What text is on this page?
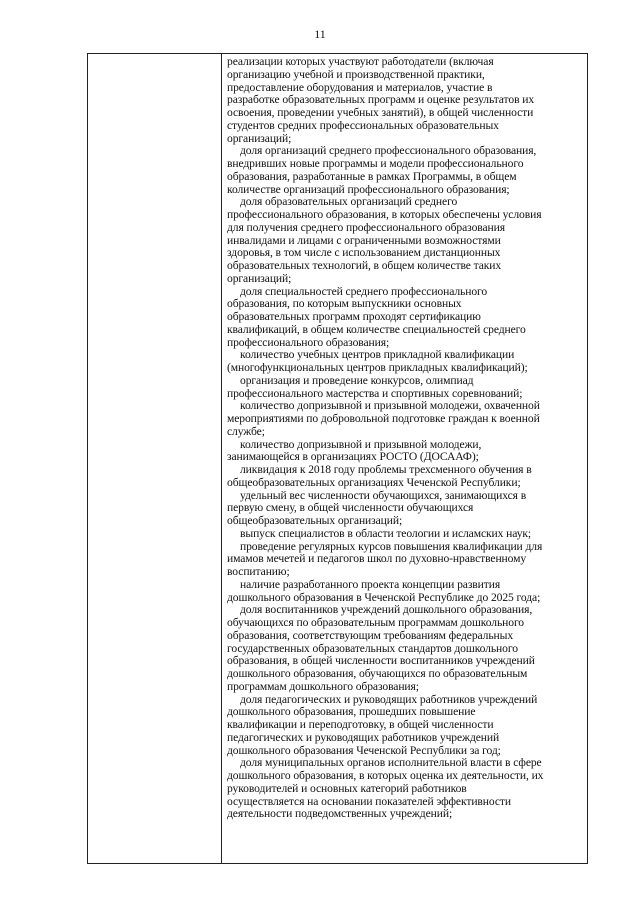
11
реализации которых участвуют работодатели (включая
организацию учебной и производственной практики,
предоставление оборудования и материалов, участие в
разработке образовательных программ и оценке результатов их
освоения, проведении учебных занятий), в общей численности
студентов средних профессиональных образовательных
организаций;
доля организаций среднего профессионального образования,
внедривших новые программы и модели профессионального
образования, разработанные в рамках Программы, в общем
количестве организаций профессионального образования;
доля образовательных организаций среднего
профессионального образования, в которых обеспечены условия
для получения среднего профессионального образования
инвалидами и лицами с ограниченными возможностями
здоровья, в том числе с использованием дистанционных
образовательных технологий, в общем количестве таких
организаций;
доля специальностей среднего профессионального
образования, по которым выпускники основных
образовательных программ проходят сертификацию
квалификаций, в общем количестве специальностей среднего
профессионального образования;
количество учебных центров прикладной квалификации
(многофункциональных центров прикладных квалификаций);
организация и проведение конкурсов, олимпиад
профессионального мастерства и спортивных соревнований;
количество допризывной и призывной молодежи, охваченной
мероприятиями по добровольной подготовке граждан к военной
службе;
количество допризывной и призывной молодежи,
занимающейся в организациях РОСТО (ДОСААФ);
ликвидация к 2018 году проблемы трехсменного обучения в
общеобразовательных организациях Чеченской Республики;
удельный вес численности обучающихся, занимающихся в
первую смену, в общей численности обучающихся
общеобразовательных организаций;
выпуск специалистов в области теологии и исламских наук;
проведение регулярных курсов повышения квалификации для
имамов мечетей и педагогов школ по духовно-нравственному
воспитанию;
наличие разработанного проекта концепции развития
дошкольного образования в Чеченской Республике до 2025 года;
доля воспитанников учреждений дошкольного образования,
обучающихся по образовательным программам дошкольного
образования, соответствующим требованиям федеральных
государственных образовательных стандартов дошкольного
образования, в общей численности воспитанников учреждений
дошкольного образования, обучающихся по образовательным
программам дошкольного образования;
доля педагогических и руководящих работников учреждений
дошкольного образования, прошедших повышение
квалификации и переподготовку, в общей численности
педагогических и руководящих работников учреждений
дошкольного образования Чеченской Республики за год;
доля муниципальных органов исполнительной власти в сфере
дошкольного образования, в которых оценка их деятельности, их
руководителей и основных категорий работников
осуществляется на основании показателей эффективности
деятельности подведомственных учреждений;
